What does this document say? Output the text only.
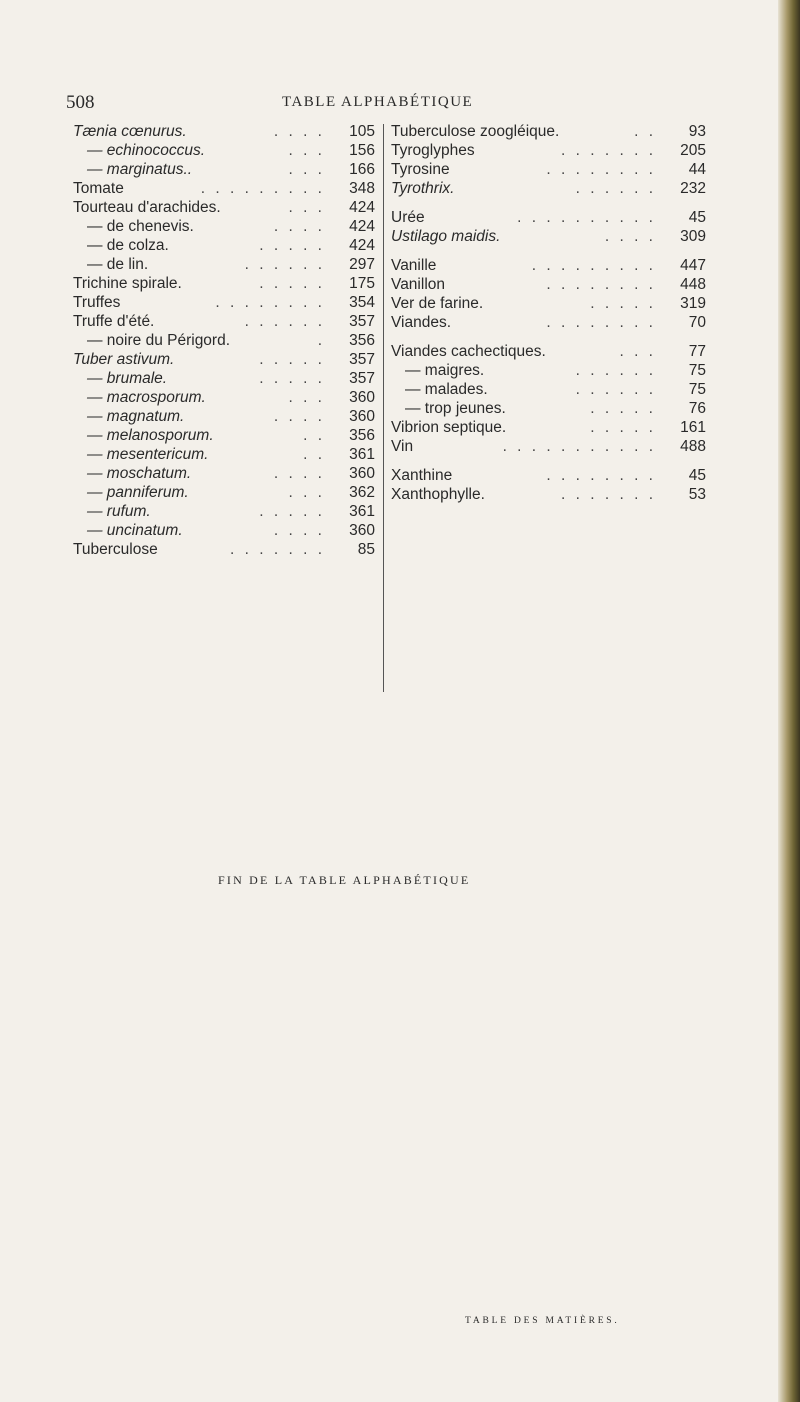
508	TABLE ALPHABÉTIQUE
Tænia cœnurus.	. . . .	105
— echinococcus.	. . .	156
— marginatus..	. . .	166
Tomate	. . . . . . . . .	348
Tourteau d'arachides.	. . .	424
— de chenevis.	. . . .	424
— de colza.	. . . . .	424
— de lin.	. . . . . .	297
Trichine spirale.	. . . . .	175
Truffes	. . . . . . . .	354
Truffe d'été.	. . . . . .	357
— noire du Périgord.	.	356
Tuber astivum.	. . . . .	357
— brumale.	. . . . .	357
— macrosporum.	. . .	360
— magnatum.	. . . .	360
— melanosporum.	. .	356
— mesentericum.	. .	361
— moschatum.	. . . .	360
— panniferum.	. . .	362
— rufum.	. . . . .	361
— uncinatum.	. . . .	360
Tuberculose	. . . . . . .	85
Tuberculose zoogléique.	. .	93
Tyroglyphes	. . . . . . .	205
Tyrosine	. . . . . . . .	44
Tyrothrix.	. . . . . .	232
Urée	. . . . . . . . . .	45
Ustilago maidis.	. . . .	309
Vanille	. . . . . . . . .	447
Vanillon	. . . . . . . .	448
Ver de farine.	. . . . .	319
Viandes.	. . . . . . . .	70
Viandes cachectiques.	. . .	77
— maigres.	. . . . . .	75
— malades.	. . . . . .	75
— trop jeunes.	. . . . .	76
Vibrion septique.	. . . . .	161
Vin	. . . . . . . . . . .	488
Xanthine	. . . . . . . .	45
Xanthophylle.	. . . . . . .	53
FIN DE LA TABLE ALPHABÉTIQUE
TABLE DES MATIÈRES.
